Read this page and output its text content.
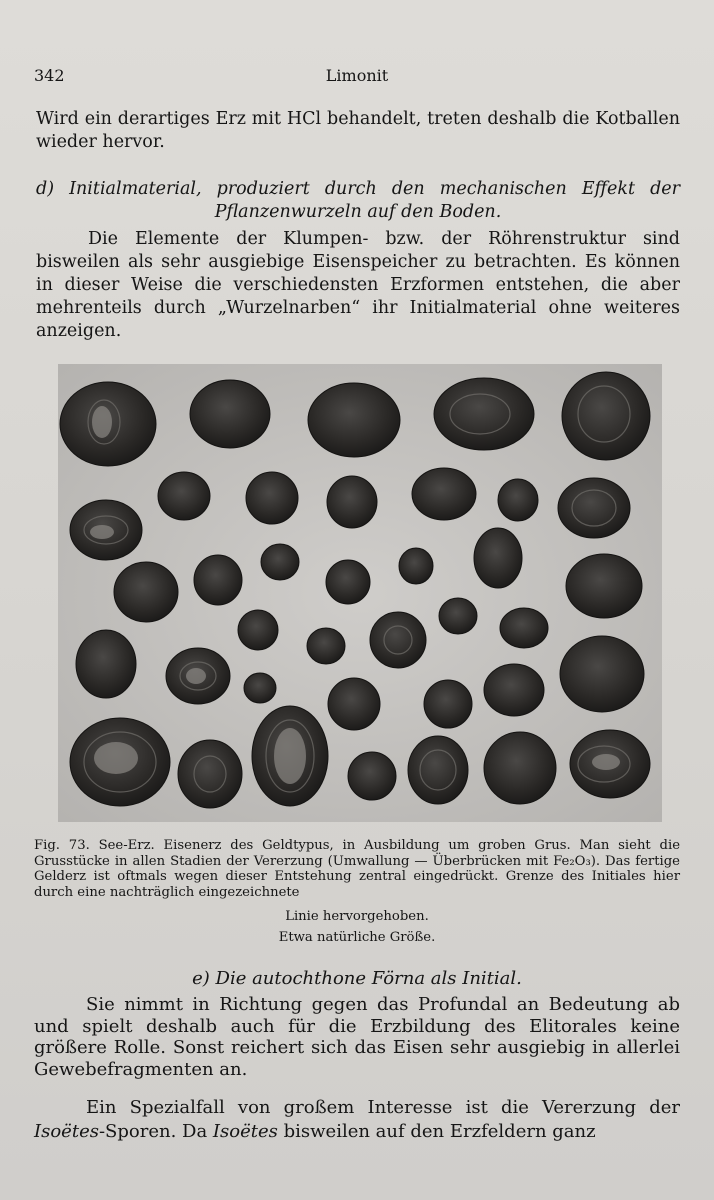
342	Limonit
Wird ein derartiges Erz mit HCl behandelt, treten deshalb die Kotballen wieder hervor.
d) Initialmaterial, produziert durch den mechanischen Effekt der Pflanzenwurzeln auf den Boden.
Die Elemente der Klumpen- bzw. der Röhrenstruktur sind bisweilen als sehr ausgiebige Eisenspeicher zu betrachten. Es können in dieser Weise die verschiedensten Erzformen entstehen, die aber mehrenteils durch „Wurzelnarben“ ihr Initialmaterial ohne weiteres anzeigen.
Fig. 73. See-Erz. Eisenerz des Geldtypus, in Ausbildung um groben Grus. Man sieht die Grusstücke in allen Stadien der Vererzung (Umwallung — Überbrücken mit Fe₂O₃). Das fertige Gelderz ist oftmals wegen dieser Entstehung zentral eingedrückt. Grenze des Initiales hier durch eine nachträglich eingezeichnete
Linie hervorgehoben.
Etwa natürliche Größe.
e) Die autochthone Förna als Initial.
Sie nimmt in Richtung gegen das Profundal an Bedeutung ab und spielt deshalb auch für die Erzbildung des Elitorales keine größere Rolle. Sonst reichert sich das Eisen sehr ausgiebig in allerlei Gewebefragmenten an.
Ein Spezialfall von großem Interesse ist die Vererzung der Isoëtes-Sporen. Da Isoëtes bisweilen auf den Erzfeldern ganz
